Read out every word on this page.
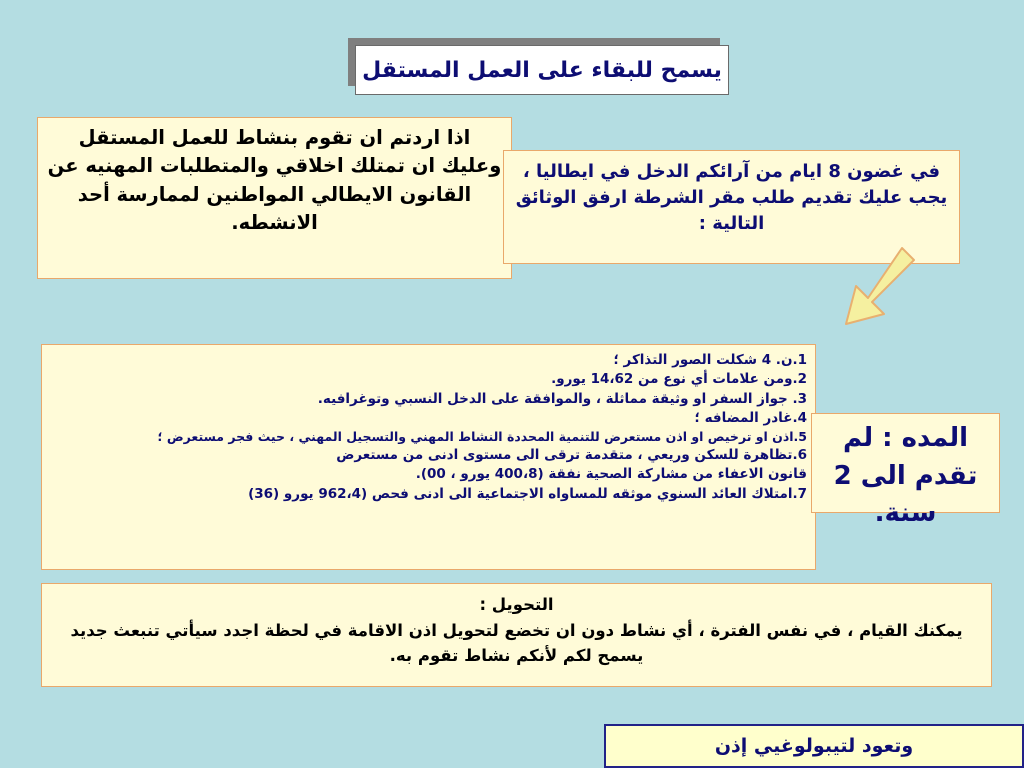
يسمح للبقاء على العمل المستقل
اذا اردتم ان تقوم بنشاط للعمل المستقل وعليك ان تمتلك اخلاقي والمتطلبات المهنيه عن القانون الايطالي المواطنين لممارسة أحد الانشطه.
في غضون 8 ايام من آرائكم الدخل في ايطاليا ، يجب عليك تقديم طلب مقر الشرطة ارفق الوثائق التالية :
1.ن. 4 شكلت الصور التذاكر ؛
2.ومن علامات أي نوع من 14،62 يورو.
3. جواز السفر او وثيقة مماثلة ، والموافقة على الدخل النسبي وتوغرافيه.
4.غادر المضافه ؛
5.اذن او ترخيص او اذن مستعرض للتنمية المحددة النشاط المهني والتسجيل المهني ، حيث فجر مستعرض ؛
6.تظاهرة للسكن وريعي ، متقدمة ترقى الى مستوى ادنى من مستعرض
قانون الاعفاء من مشاركة الصحية نفقة (400،8 يورو ، 00).
7.امتلاك العائد السنوي موثقه للمساواه الاجتماعية الى ادنى فحص (962،4 يورو (36)
المده : لم تقدم الى 2 سنة.
التحويل :
يمكنك القيام ، في نفس الفترة ، أي نشاط دون ان تخضع لتحويل اذن الاقامة في لحظة اجدد سيأتي تنبعث جديد يسمح لكم لأنكم نشاط تقوم به.
وتعود لتيبولوغيي إذن
